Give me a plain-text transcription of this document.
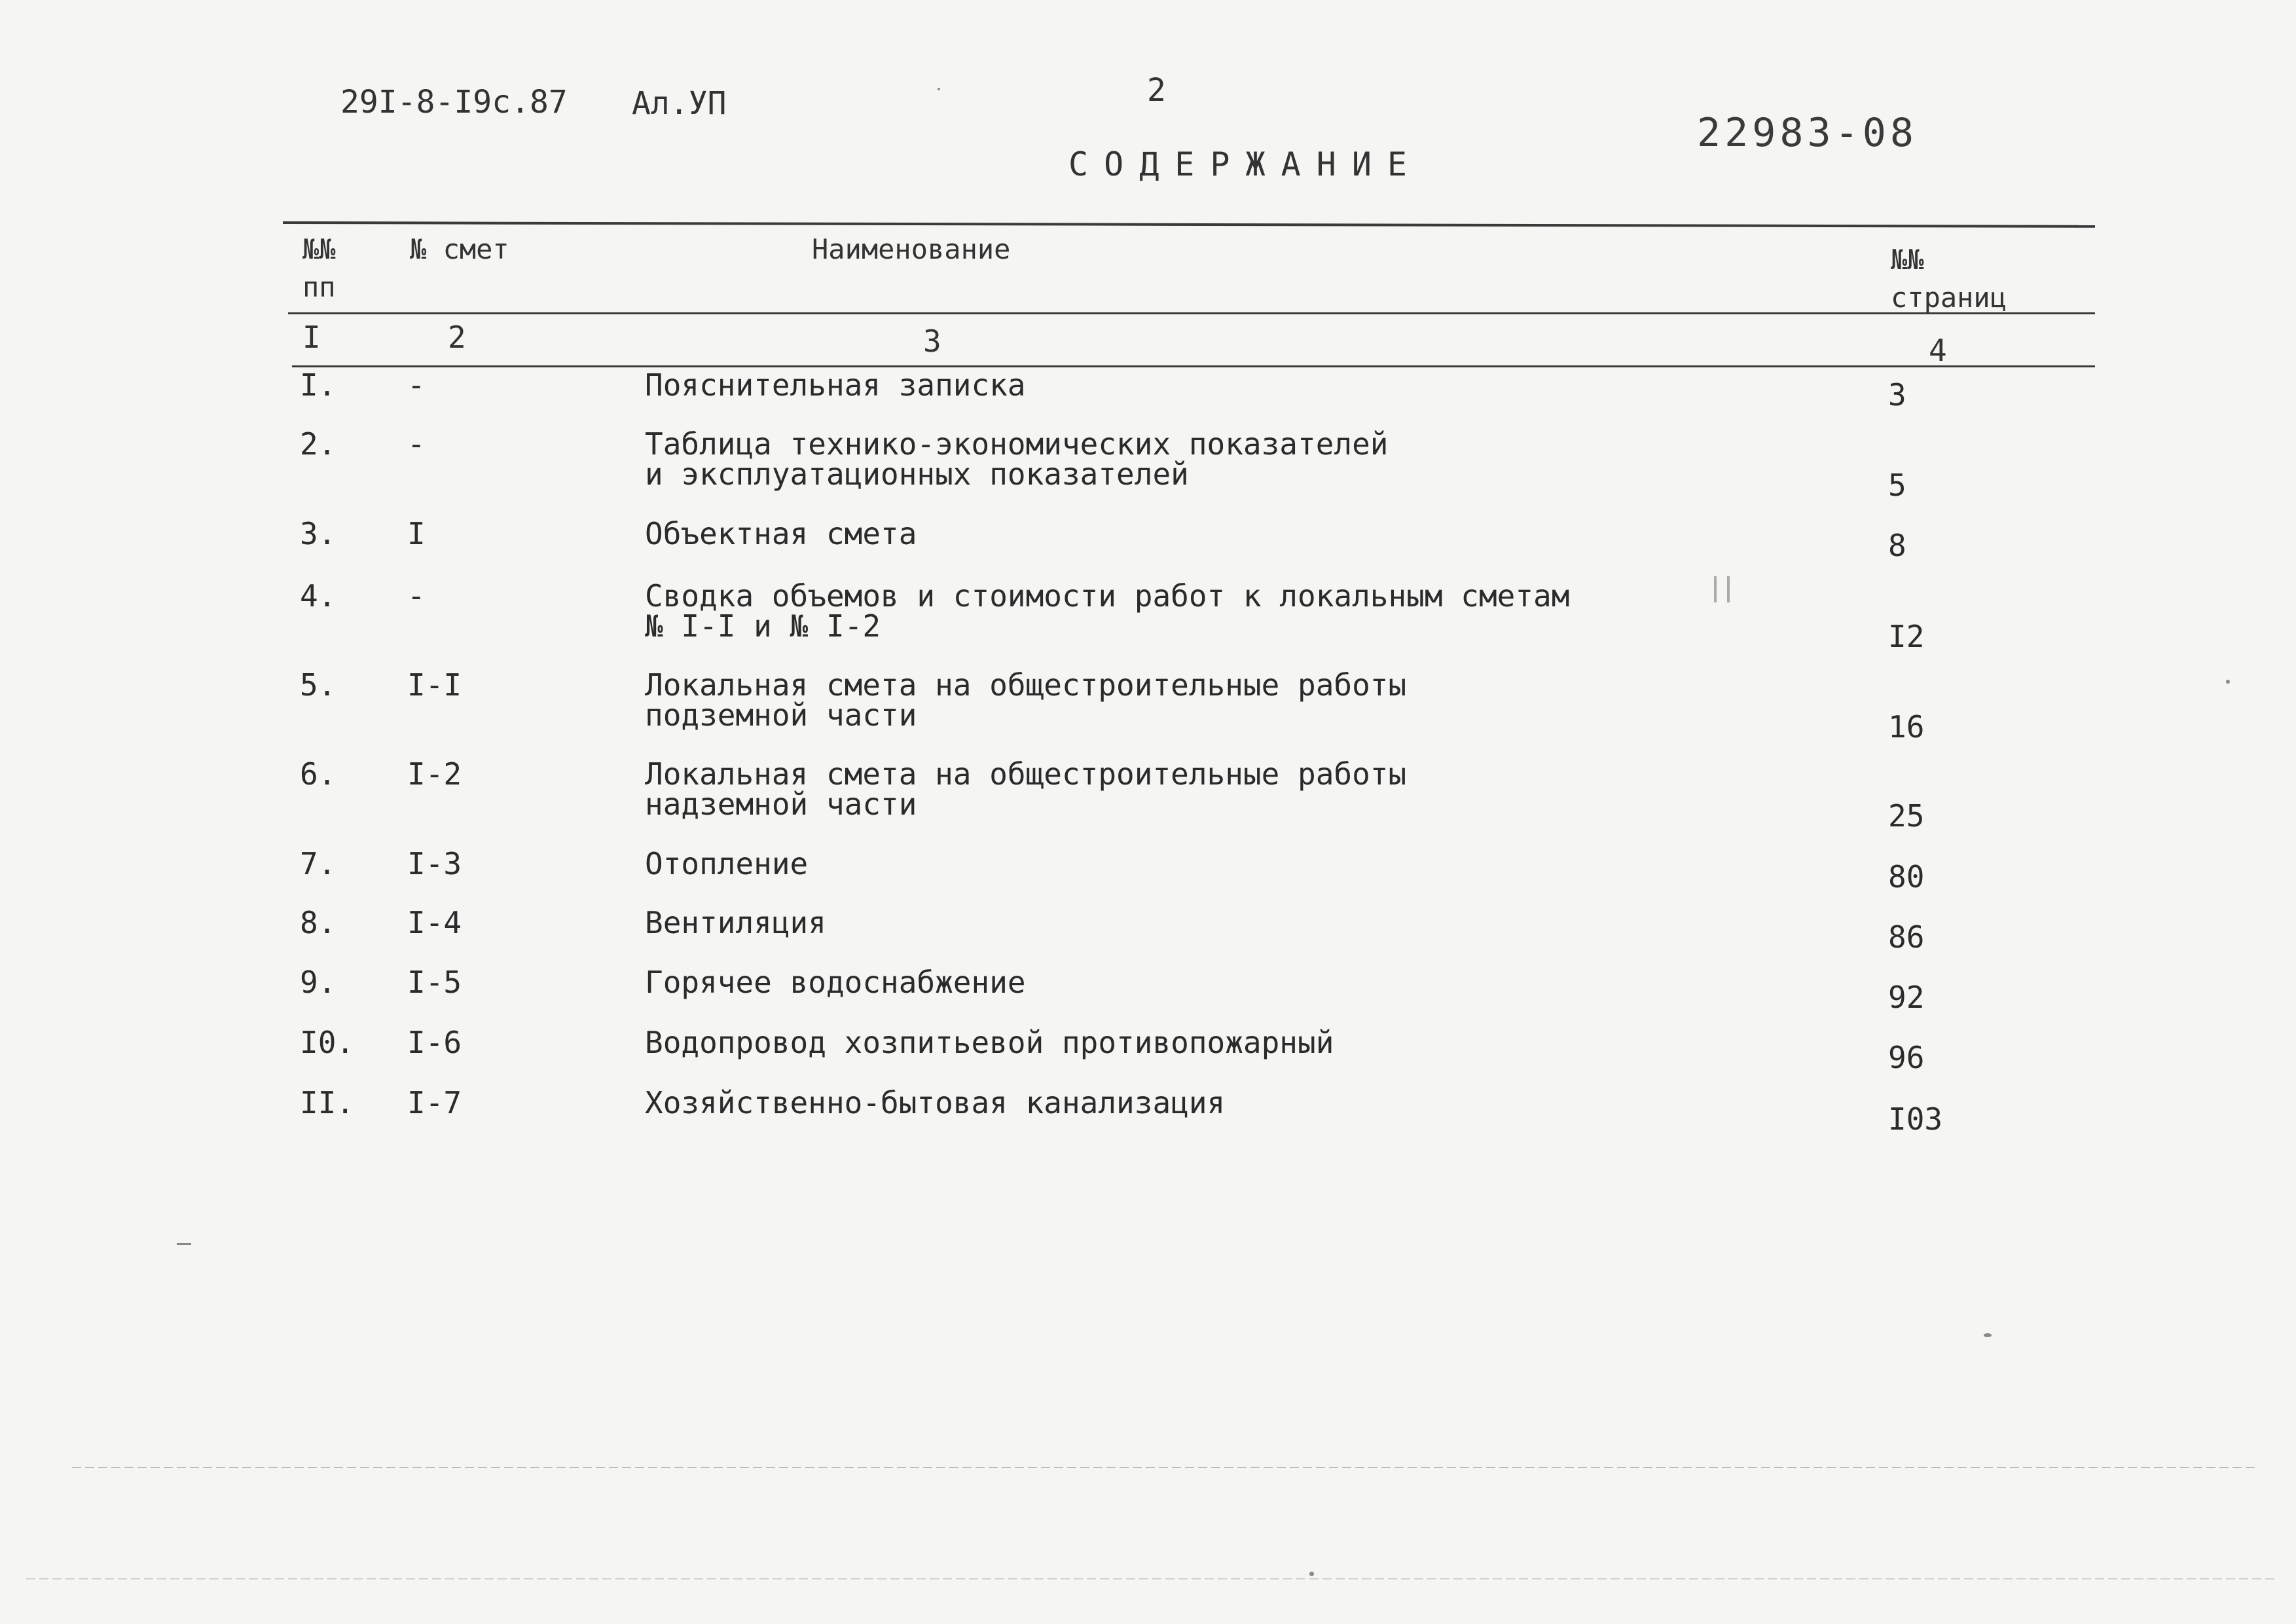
29I-8-I9c.87 Ал.УП	2
22983-08
СОДЕРЖАНИЕ
№№
пп
№ смет	Наименование	№№
страниц
I	2	3	4
I. -	Пояснительная записка	3
2. -	Таблица технико-экономических показателей
и эксплуатационных показателей	5
3. I	Объектная смета	8
4. -	Сводка объемов и стоимости работ к локальным сметам
№ I-I и № I-2	I2
5. I-I	Локальная смета на общестроительные работы
подземной части	16
6. I-2	Локальная смета на общестроительные работы
надземной части	25
7. I-3	Отопление	80
8. I-4	Вентиляция	86
9. I-5	Горячее водоснабжение	92
I0. I-6	Водопровод хозпитьевой противопожарный	96
II. I-7	Хозяйственно-бытовая канализация	I03
